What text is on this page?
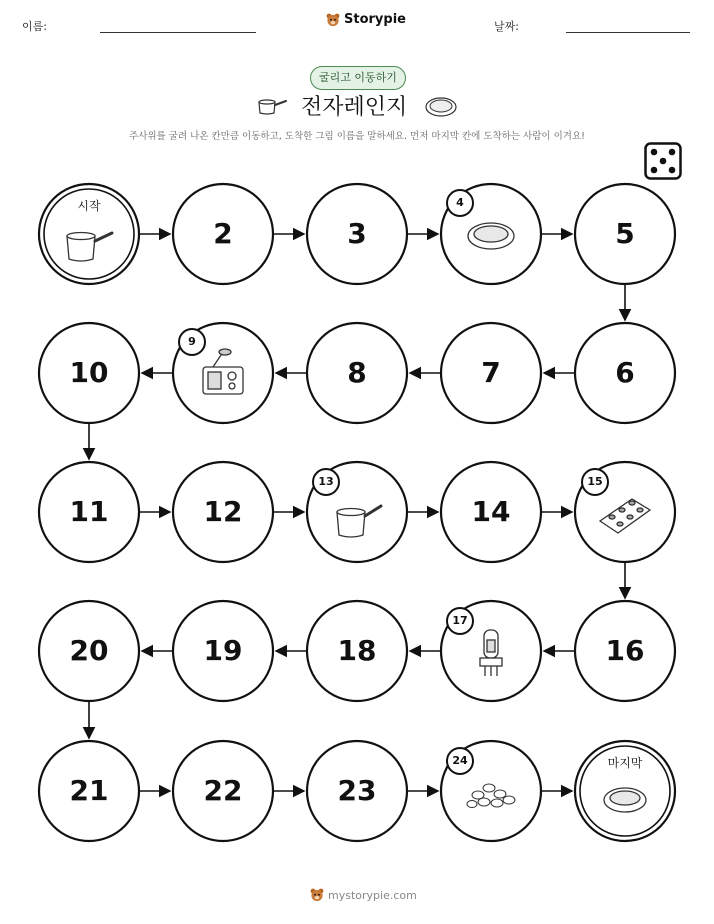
이름:	Storypie	날짜:
굴리고 이동하기
전자레인지
주사위를 굴려 나온 칸만큼 이동하고, 도착한 그림 이름을 말하세요. 먼저 마지막 칸에 도착하는 사람이 이겨요!
시작
마지막
2	3	5
10	8	7	6
11	12	14
16
20	19	18
21	22	23
4
9
13	15
17
24
mystorypie.com
